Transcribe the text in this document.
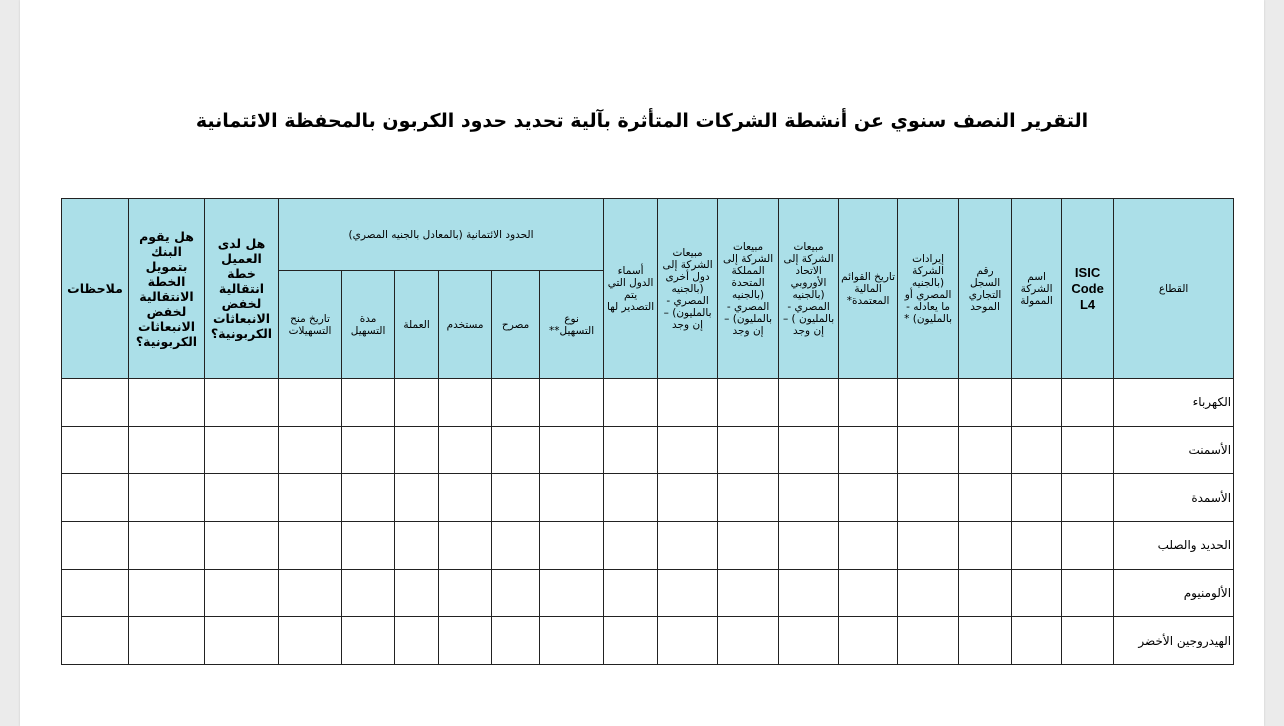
التقرير النصف سنوي عن أنشطة الشركات المتأثرة بآلية تحديد حدود الكربون بالمحفظة الائتمانية
القطاع	ISIC Code L4	اسم الشركة الممولة	رقم السجل التجاري الموحد	إيرادات الشركة (بالجنيه المصري أو ما يعادله - بالمليون) *	تاريخ القوائم المالية المعتمدة*	مبيعات الشركة إلى الاتحاد الأوروبي (بالجنيه المصري - بالمليون ) – إن وجد	مبيعات الشركة إلى المملكة المتحدة (بالجنيه المصري - بالمليون) – إن وجد	مبيعات الشركة إلى دول أخرى (بالجنيه المصري - بالمليون) – إن وجد	أسماء الدول التي يتم التصدير لها	الحدود الائتمانية (بالمعادل بالجنيه المصري)						هل لدى العميل خطة انتقالية لخفض الانبعاثات الكربونية؟	هل يقوم البنك بتمويل الخطة الانتقالية لخفض الانبعاثات الكربونية؟	ملاحظات
										نوع التسهيل**	مصرح	مستخدم	العملة	مدة التسهيل	تاريخ منح التسهيلات			
الكهرباء																		
الأسمنت																		
الأسمدة																		
الحديد والصلب																		
الألومنيوم																		
الهيدروجين الأخضر																		
